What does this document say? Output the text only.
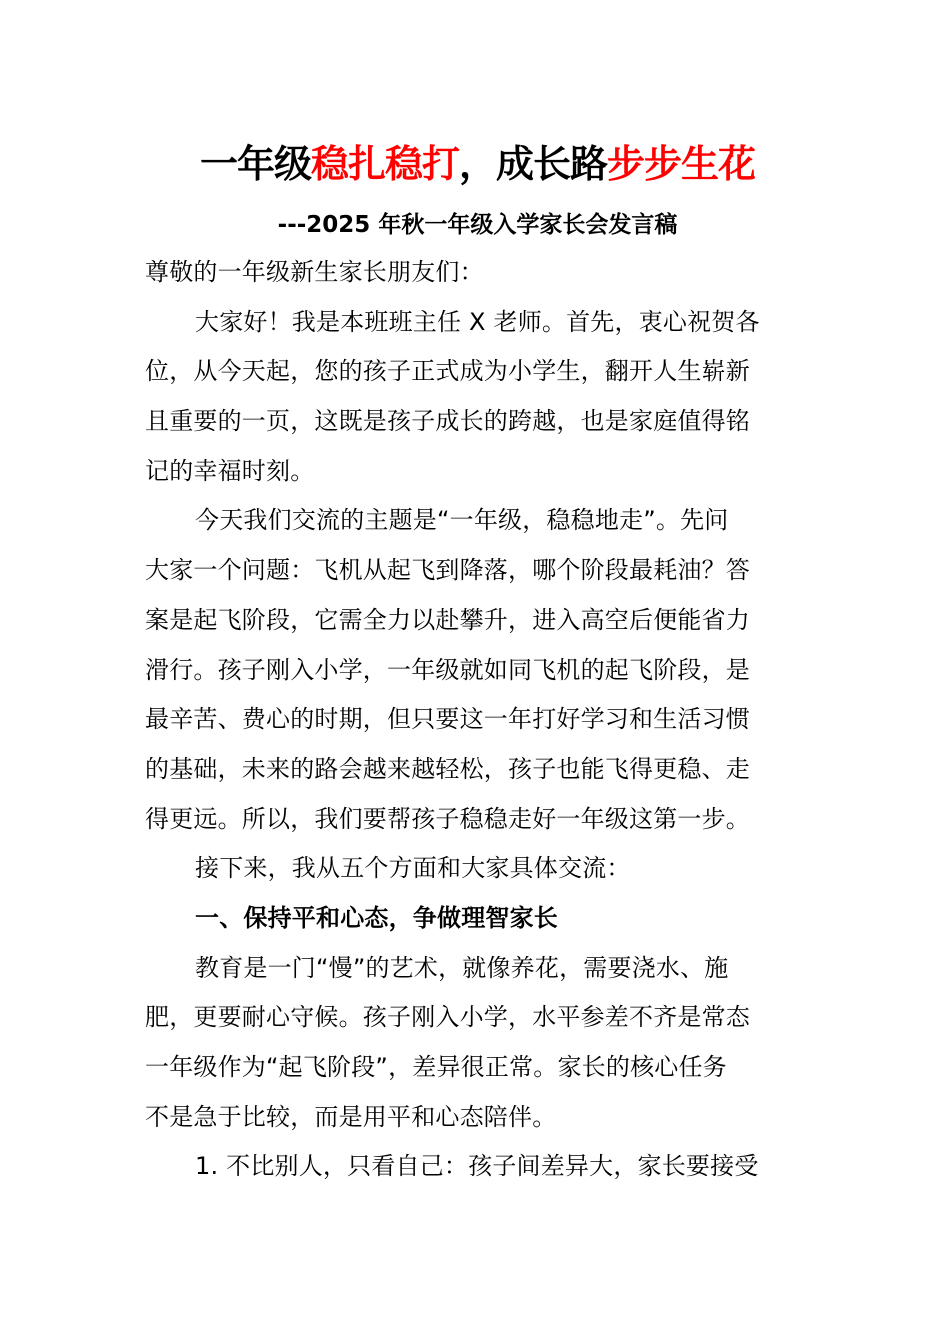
一年级稳扎稳打，成长路步步生花
---2025 年秋一年级入学家长会发言稿
尊敬的一年级新生家长朋友们：
大家好！我是本班班主任 X 老师。首先，衷心祝贺各
位，从今天起，您的孩子正式成为小学生，翻开人生崭新
且重要的一页，这既是孩子成长的跨越，也是家庭值得铭
记的幸福时刻。
今天我们交流的主题是“一年级，稳稳地走”。先问
大家一个问题：飞机从起飞到降落，哪个阶段最耗油？答
案是起飞阶段，它需全力以赴攀升，进入高空后便能省力
滑行。孩子刚入小学，一年级就如同飞机的起飞阶段，是
最辛苦、费心的时期，但只要这一年打好学习和生活习惯
的基础，未来的路会越来越轻松，孩子也能飞得更稳、走
得更远。所以，我们要帮孩子稳稳走好一年级这第一步。
接下来，我从五个方面和大家具体交流：
一、保持平和心态，争做理智家长
教育是一门“慢”的艺术，就像养花，需要浇水、施
肥，更要耐心守候。孩子刚入小学，水平参差不齐是常态
一年级作为“起飞阶段”，差异很正常。家长的核心任务
不是急于比较，而是用平和心态陪伴。
1. 不比别人，只看自己：孩子间差异大，家长要接受
